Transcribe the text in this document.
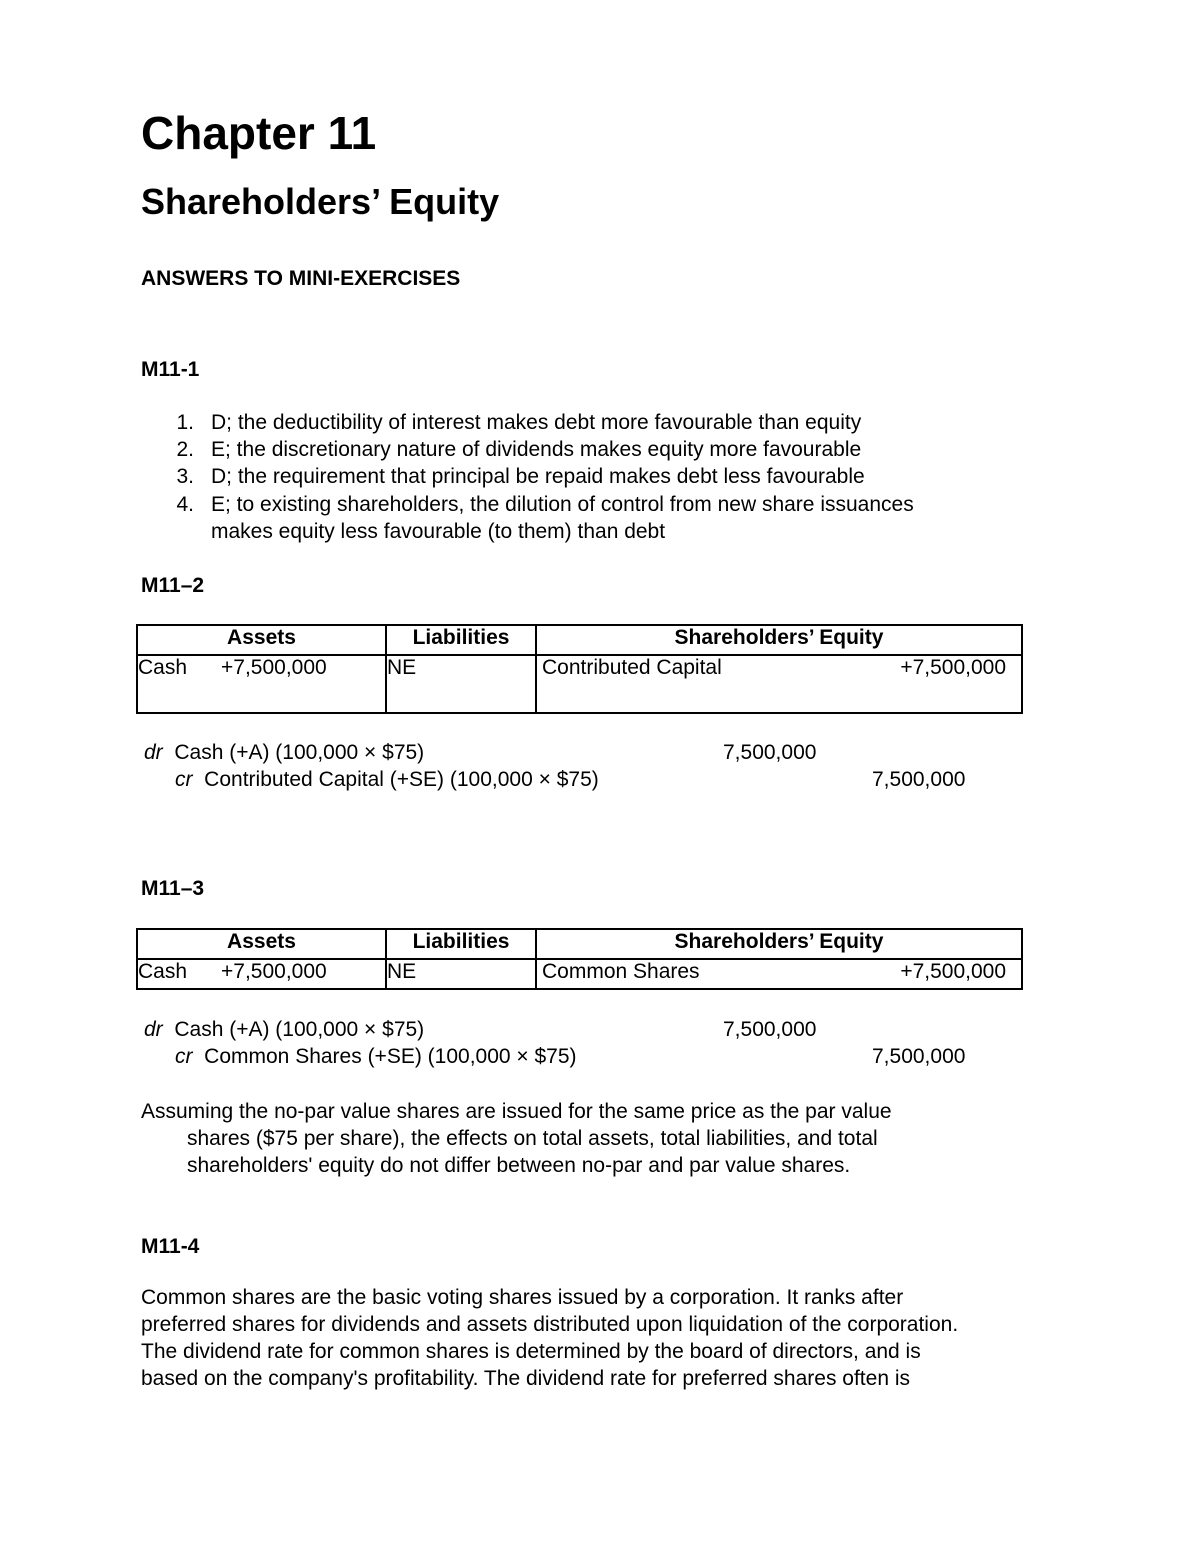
Chapter 11
Shareholders’ Equity
ANSWERS TO MINI-EXERCISES
M11-1
1. D; the deductibility of interest makes debt more favourable than equity
2. E; the discretionary nature of dividends makes equity more favourable
3. D; the requirement that principal be repaid makes debt less favourable
4. E; to existing shareholders, the dilution of control from new share issuances
makes equity less favourable (to them) than debt
M11–2
Assets	Liabilities	Shareholders’ Equity
Cash +7,500,000	NE	Contributed Capital +7,500,000
dr Cash (+A) (100,000 × $75)	7,500,000
cr Contributed Capital (+SE) (100,000 × $75)	7,500,000
M11–3
Assets	Liabilities	Shareholders’ Equity
Cash +7,500,000	NE	Common Shares +7,500,000
dr Cash (+A) (100,000 × $75)	7,500,000
cr Common Shares (+SE) (100,000 × $75)	7,500,000
Assuming the no-par value shares are issued for the same price as the par value
shares ($75 per share), the effects on total assets, total liabilities, and total
shareholders' equity do not differ between no-par and par value shares.
M11-4
Common shares are the basic voting shares issued by a corporation. It ranks after
preferred shares for dividends and assets distributed upon liquidation of the corporation.
The dividend rate for common shares is determined by the board of directors, and is
based on the company's profitability. The dividend rate for preferred shares often is
